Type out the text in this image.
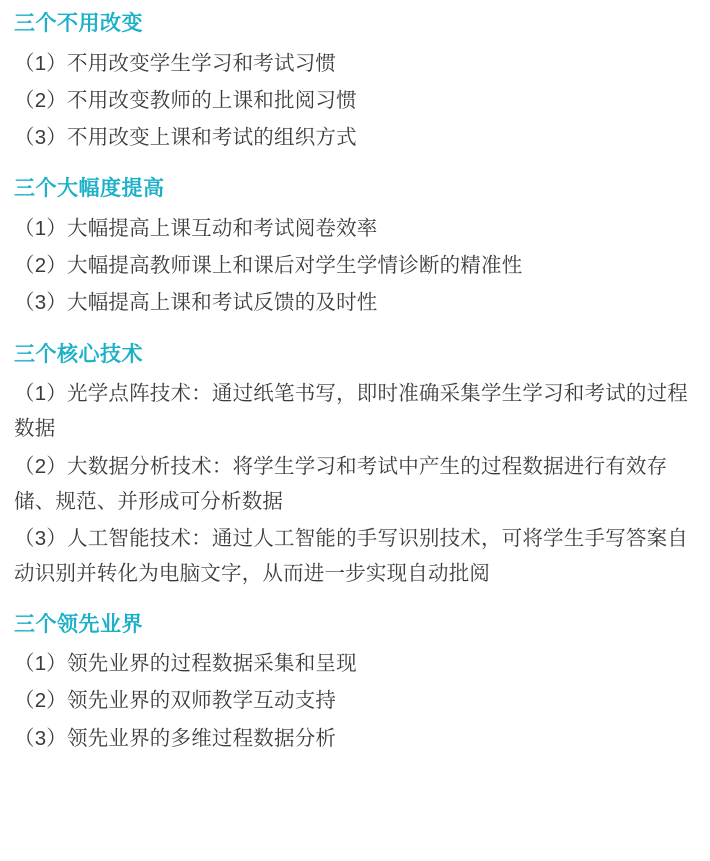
三个不用改变
（1）不用改变学生学习和考试习惯
（2）不用改变教师的上课和批阅习惯
（3）不用改变上课和考试的组织方式
三个大幅度提高
（1）大幅提高上课互动和考试阅卷效率
（2）大幅提高教师课上和课后对学生学情诊断的精准性
（3）大幅提高上课和考试反馈的及时性
三个核心技术
（1）光学点阵技术：通过纸笔书写，即时准确采集学生学习和考试的过程数据
（2）大数据分析技术：将学生学习和考试中产生的过程数据进行有效存储、规范、并形成可分析数据
（3）人工智能技术：通过人工智能的手写识别技术，可将学生手写答案自动识别并转化为电脑文字，从而进一步实现自动批阅
三个领先业界
（1）领先业界的过程数据采集和呈现
（2）领先业界的双师教学互动支持
（3）领先业界的多维过程数据分析
